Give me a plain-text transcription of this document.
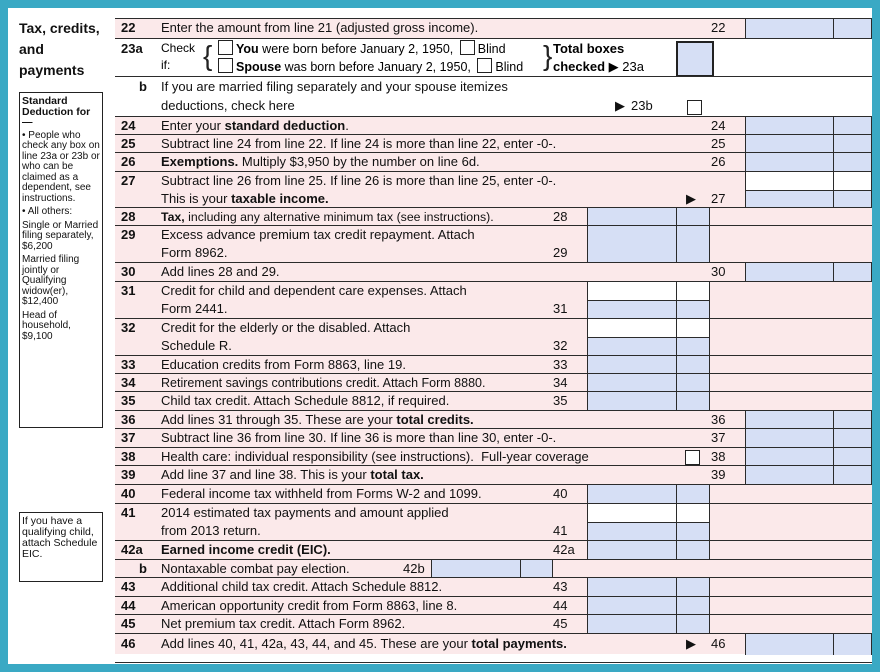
Tax, credits,
and
payments

Standard Deduction for—

• People who check any box on line 23a or 23b or who can be claimed as a dependent, see instructions.

• All others:

Single or Married filing separately, $6,200

Married filing jointly or Qualifying widow(er), $12,400

Head of household, $9,100

If you have a qualifying child, attach Schedule EIC.
22 Enter the amount from line 21 (adjusted gross income).	22
23a Check if:	{	You were born before January 2, 1950, Blind
Spouse was born before January 2, 1950, Blind } Total boxes checked ▶ 23a
b If you are married filing separately and your spouse itemizes
deductions, check here	▶ 23b
24 Enter your standard deduction.	24
25 Subtract line 24 from line 22. If line 24 is more than line 22, enter -0-.	25
26 Exemptions. Multiply $3,950 by the number on line 6d.	26
27 Subtract line 26 from line 25. If line 26 is more than line 25, enter -0-.
This is your taxable income.	▶ 27
28 Tax, including any alternative minimum tax (see instructions).	28
29 Excess advance premium tax credit repayment. Attach
Form 8962.	29
30 Add lines 28 and 29.	30
31 Credit for child and dependent care expenses. Attach
Form 2441.	31
32 Credit for the elderly or the disabled. Attach
Schedule R.	32
33 Education credits from Form 8863, line 19.	33
34 Retirement savings contributions credit. Attach Form 8880.	34
35 Child tax credit. Attach Schedule 8812, if required.	35
36 Add lines 31 through 35. These are your total credits.	36
37 Subtract line 36 from line 30. If line 36 is more than line 30, enter -0-.	37
38 Health care: individual responsibility (see instructions).  Full-year coverage	38
39 Add line 37 and line 38. This is your total tax.	39
40 Federal income tax withheld from Forms W-2 and 1099.	40
41 2014 estimated tax payments and amount applied
from 2013 return.	41
42a Earned income credit (EIC).	42a
b Nontaxable combat pay election.	42b
43 Additional child tax credit. Attach Schedule 8812.	43
44 American opportunity credit from Form 8863, line 8.	44
45 Net premium tax credit. Attach Form 8962.	45
46 Add lines 40, 41, 42a, 43, 44, and 45. These are your total payments.	▶ 46
